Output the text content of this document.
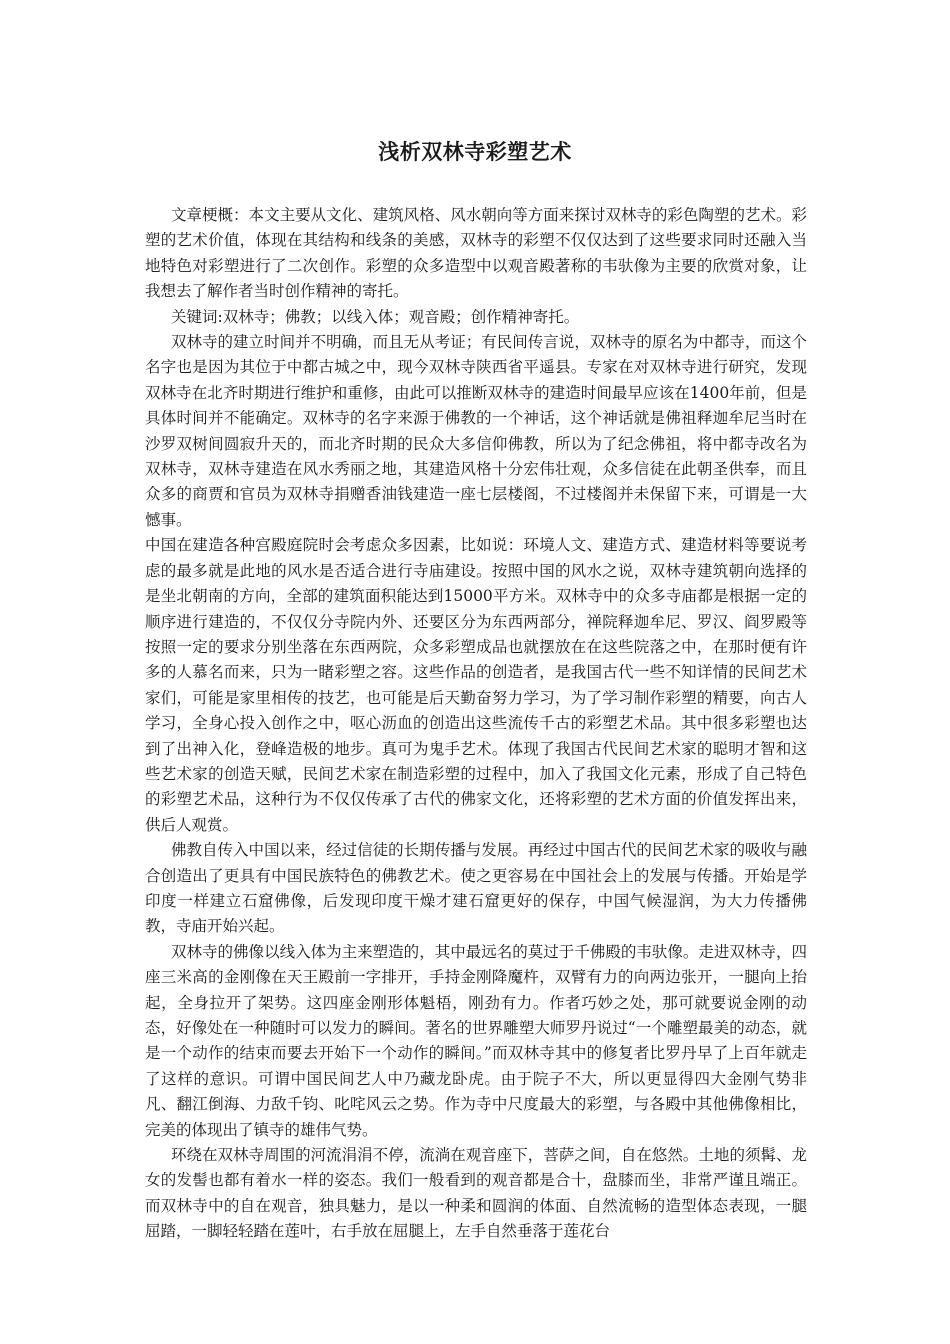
浅析双林寺彩塑艺术

文章梗概：本文主要从文化、建筑风格、风水朝向等方面来探讨双林寺的彩色陶塑的艺术。彩塑的艺术价值，体现在其结构和线条的美感，双林寺的彩塑不仅仅达到了这些要求同时还融入当地特色对彩塑进行了二次创作。彩塑的众多造型中以观音殿著称的韦驮像为主要的欣赏对象，让我想去了解作者当时创作精神的寄托。

关键词:双林寺；佛教；以线入体；观音殿；创作精神寄托。

双林寺的建立时间并不明确，而且无从考证；有民间传言说，双林寺的原名为中都寺，而这个名字也是因为其位于中都古城之中，现今双林寺陕西省平遥县。专家在对双林寺进行研究，发现双林寺在北齐时期进行维护和重修，由此可以推断双林寺的建造时间最早应该在1400年前，但是具体时间并不能确定。双林寺的名字来源于佛教的一个神话，这个神话就是佛祖释迦牟尼当时在沙罗双树间圆寂升天的，而北齐时期的民众大多信仰佛教，所以为了纪念佛祖，将中都寺改名为双林寺，双林寺建造在风水秀丽之地，其建造风格十分宏伟壮观，众多信徒在此朝圣供奉，而且众多的商贾和官员为双林寺捐赠香油钱建造一座七层楼阁，不过楼阁并未保留下来，可谓是一大憾事。

中国在建造各种宫殿庭院时会考虑众多因素，比如说：环境人文、建造方式、建造材料等要说考虑的最多就是此地的风水是否适合进行寺庙建设。按照中国的风水之说，双林寺建筑朝向选择的是坐北朝南的方向，全部的建筑面积能达到15000平方米。双林寺中的众多寺庙都是根据一定的顺序进行建造的，不仅仅分寺院内外、还要区分为东西两部分，禅院释迦牟尼、罗汉、阎罗殿等按照一定的要求分别坐落在东西两院，众多彩塑成品也就摆放在在这些院落之中，在那时便有许多的人慕名而来，只为一睹彩塑之容。这些作品的创造者，是我国古代一些不知详情的民间艺术家们，可能是家里相传的技艺，也可能是后天勤奋努力学习，为了学习制作彩塑的精要，向古人学习，全身心投入创作之中，呕心沥血的创造出这些流传千古的彩塑艺术品。其中很多彩塑也达到了出神入化，登峰造极的地步。真可为鬼手艺术。体现了我国古代民间艺术家的聪明才智和这些艺术家的创造天赋，民间艺术家在制造彩塑的过程中，加入了我国文化元素，形成了自己特色的彩塑艺术品，这种行为不仅仅传承了古代的佛家文化，还将彩塑的艺术方面的价值发挥出来，供后人观赏。

佛教自传入中国以来，经过信徒的长期传播与发展。再经过中国古代的民间艺术家的吸收与融合创造出了更具有中国民族特色的佛教艺术。使之更容易在中国社会上的发展与传播。开始是学印度一样建立石窟佛像，后发现印度干燥才建石窟更好的保存，中国气候湿润，为大力传播佛教，寺庙开始兴起。

双林寺的佛像以线入体为主来塑造的，其中最远名的莫过于千佛殿的韦驮像。走进双林寺，四座三米高的金刚像在天王殿前一字排开，手持金刚降魔杵，双臂有力的向两边张开，一腿向上抬起，全身拉开了架势。这四座金刚形体魁梧，刚劲有力。作者巧妙之处，那可就要说金刚的动态，好像处在一种随时可以发力的瞬间。著名的世界雕塑大师罗丹说过“一个雕塑最美的动态，就是一个动作的结束而要去开始下一个动作的瞬间。”而双林寺其中的修复者比罗丹早了上百年就走了这样的意识。可谓中国民间艺人中乃藏龙卧虎。由于院子不大，所以更显得四大金刚气势非凡、翻江倒海、力敌千钧、叱咤风云之势。作为寺中尺度最大的彩塑，与各殿中其他佛像相比，完美的体现出了镇寺的雄伟气势。

环绕在双林寺周围的河流涓涓不停，流淌在观音座下，菩萨之间，自在悠然。土地的须髯、龙女的发髻也都有着水一样的姿态。我们一般看到的观音都是合十，盘膝而坐，非常严谨且端正。而双林寺中的自在观音，独具魅力，是以一种柔和圆润的体面、自然流畅的造型体态表现，一腿屈踏，一脚轻轻踏在莲叶，右手放在屈腿上，左手自然垂落于莲花台
